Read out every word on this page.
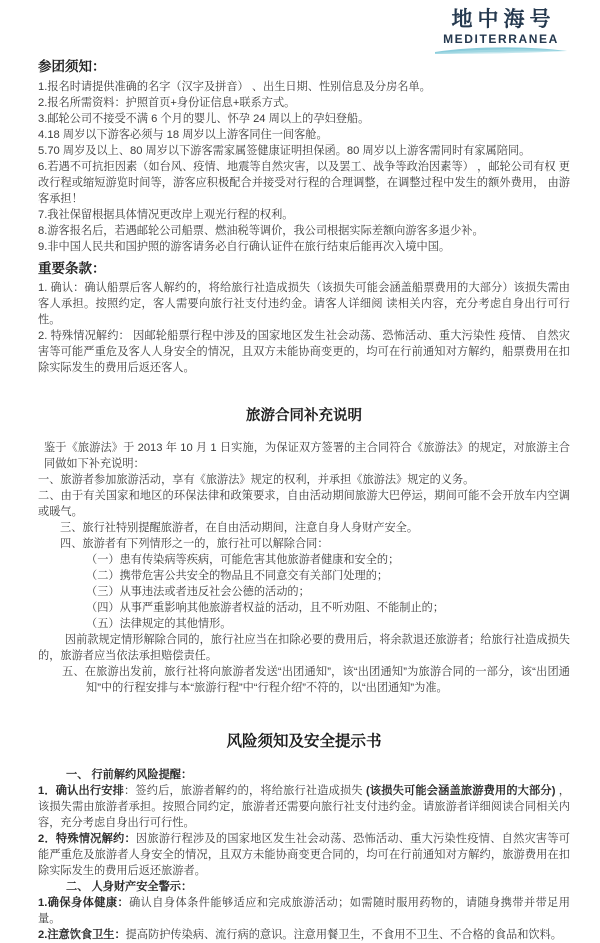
地中海号
MEDITERRANEA

参团须知：

1.报名时请提供准确的名字（汉字及拼音） 、出生日期、性别信息及分房名单。

2.报名所需资料：护照首页+身份证信息+联系方式。

3.邮轮公司不接受不满 6 个月的婴儿、怀孕 24 周以上的孕妇登船。

4.18 周岁以下游客必须与 18 周岁以上游客同住一间客舱。

5.70 周岁及以上、80 周岁以下游客需家属签健康证明担保函。80 周岁以上游客需同时有家属陪同。

6.若遇不可抗拒因素（如台风、疫情、地震等自然灾害，以及罢工、战争等政治因素等） ，邮轮公司有权 更改行程或缩短游览时间等，游客应积极配合并接受对行程的合理调整，在调整过程中发生的额外费用， 由游客承担！

7.我社保留根据具体情况更改岸上观光行程的权利。

8.游客报名后，若遇邮轮公司船票、燃油税等调价，我公司根据实际差额向游客多退少补。

9.非中国人民共和国护照的游客请务必自行确认证件在旅行结束后能再次入境中国。

重要条款：

1. 确认：确认船票后客人解约的，将给旅行社造成损失（该损失可能会涵盖船票费用的大部分）该损失需由客人承担。按照约定，客人需要向旅行社支付违约金。请客人详细阅 读相关内容，充分考虑自身出行可行性。

2. 特殊情况解约： 因邮轮船票行程中涉及的国家地区发生社会动荡、恐怖活动、重大污染性 疫情、 自然灾害等可能严重危及客人人身安全的情况，且双方未能协商变更的，均可在行前通知对方解约，船票费用在扣除实际发生的费用后返还客人。

旅游合同补充说明

鉴于《旅游法》于 2013 年 10 月 1 日实施，为保证双方签署的主合同符合《旅游法》的规定，对旅游主合同做如下补充说明：

一、旅游者参加旅游活动，享有《旅游法》规定的权利，并承担《旅游法》规定的义务。

二、由于有关国家和地区的环保法律和政策要求，自由活动期间旅游大巴停运，期间可能不会开放车内空调或暖气。

三、旅行社特别提醒旅游者，在自由活动期间，注意自身人身财产安全。

四、旅游者有下列情形之一的，旅行社可以解除合同：

（一）患有传染病等疾病，可能危害其他旅游者健康和安全的；

（二）携带危害公共安全的物品且不同意交有关部门处理的；

（三）从事违法或者违反社会公德的活动的；

（四）从事严重影响其他旅游者权益的活动，且不听劝阻、不能制止的；

（五）法律规定的其他情形。

因前款规定情形解除合同的，旅行社应当在扣除必要的费用后，将余款退还旅游者；给旅行社造成损失的，旅游者应当依法承担赔偿责任。

五、在旅游出发前，旅行社将向旅游者发送“出团通知”，该“出团通知”为旅游合同的一部分，该“出团通知”中的行程安排与本“旅游行程”中“行程介绍”不符的，以“出团通知”为准。

风险须知及安全提示书

一、 行前解约风险提醒：

1．确认出行安排：签约后，旅游者解约的，将给旅行社造成损失 (该损失可能会涵盖旅游费用的大部分) ，该损失需由旅游者承担。按照合同约定，旅游者还需要向旅行社支付违约金。请旅游者详细阅读合同相关内容，充分考虑自身出行可行性。

2．特殊情况解约：因旅游行程涉及的国家地区发生社会动荡、恐怖活动、重大污染性疫情、自然灾害等可能严重危及旅游者人身安全的情况，且双方未能协商变更合同的，均可在行前通知对方解约，旅游费用在扣除实际发生的费用后返还旅游者。

二、 人身财产安全警示：

1.确保身体健康：确认自身体条件能够适应和完成旅游活动；如需随时服用药物的，请随身携带并带足用量。

2.注意饮食卫生：提高防护传染病、流行病的意识。注意用餐卫生，不食用不卫生、不合格的食品和饮料。
